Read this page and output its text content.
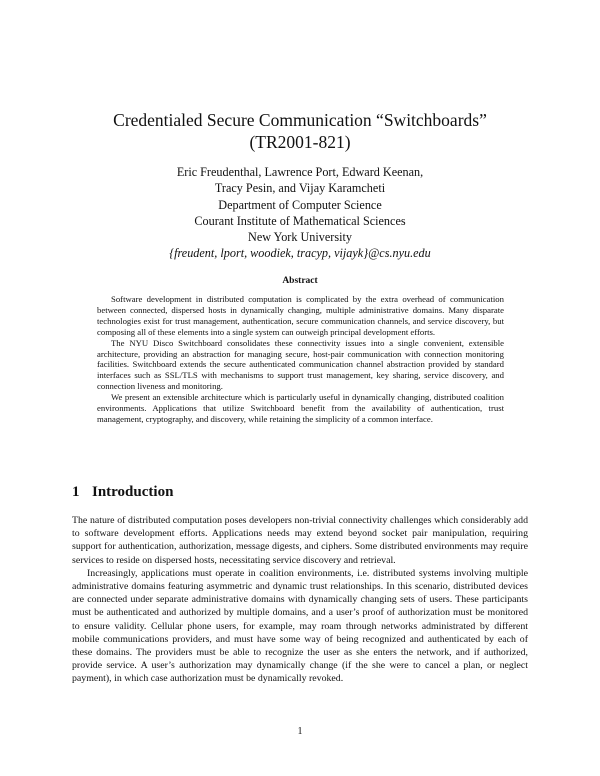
Credentialed Secure Communication “Switchboards”
(TR2001-821)
Eric Freudenthal, Lawrence Port, Edward Keenan,
Tracy Pesin, and Vijay Karamcheti
Department of Computer Science
Courant Institute of Mathematical Sciences
New York University
{freudent, lport, woodiek, tracyp, vijayk}@cs.nyu.edu
Abstract

Software development in distributed computation is complicated by the extra overhead of communication between connected, dispersed hosts in dynamically changing, multiple administrative domains. Many disparate technologies exist for trust management, authentication, secure communication channels, and service discovery, but composing all of these elements into a single system can outweigh principal development efforts.

The NYU Disco Switchboard consolidates these connectivity issues into a single convenient, extensible architecture, providing an abstraction for managing secure, host-pair communication with connection monitoring facilities. Switchboard extends the secure authenticated communication channel abstraction provided by standard interfaces such as SSL/TLS with mechanisms to support trust management, key sharing, service discovery, and connection liveness and monitoring.

We present an extensible architecture which is particularly useful in dynamically changing, distributed coalition environments. Applications that utilize Switchboard benefit from the availability of authentication, trust management, cryptography, and discovery, while retaining the simplicity of a common interface.

1 Introduction

The nature of distributed computation poses developers non-trivial connectivity challenges which considerably add to software development efforts. Applications needs may extend beyond socket pair manipulation, requiring support for authentication, authorization, message digests, and ciphers. Some distributed environments may require services to reside on dispersed hosts, necessitating service discovery and retrieval.

Increasingly, applications must operate in coalition environments, i.e. distributed systems involving multiple administrative domains featuring asymmetric and dynamic trust relationships. In this scenario, distributed devices are connected under separate administrative domains with dynamically changing sets of users. These participants must be authenticated and authorized by multiple domains, and a user’s proof of authorization must be monitored to ensure validity. Cellular phone users, for example, may roam through networks administrated by different mobile communications providers, and must have some way of being recognized and authenticated by each of these domains. The providers must be able to recognize the user as she enters the network, and if authorized, provide service. A user’s authorization may dynamically change (if the she were to cancel a plan, or neglect payment), in which case authorization must be dynamically revoked.

1
